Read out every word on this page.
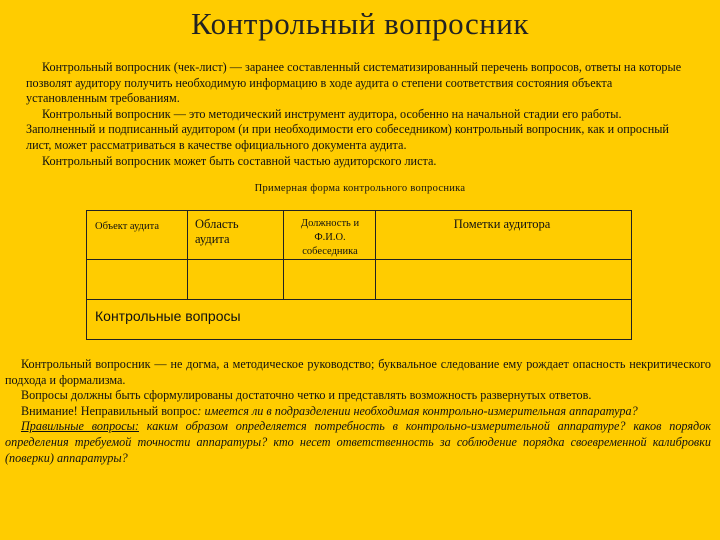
Контрольный вопросник

Контрольный вопросник (чек-лист) — заранее составленный систематизированный перечень вопросов, ответы на которые позволят аудитору получить необходимую информацию в ходе аудита о степени соответствия состояния объекта установленным требованиям.

Контрольный вопросник — это методический инструмент аудитора, особенно на начальной стадии его работы. Заполненный и подписанный аудитором (и при необходимости его собеседником) контрольный вопросник, как и опросный лист, может рассматриваться в качестве официального документа аудита.

Контрольный вопросник может быть составной частью аудиторского листа.

Примерная форма контрольного вопросника
Объект аудита	Область аудита
Должность и Ф.И.О. собеседника
Пометки аудитора
Контрольные вопросы

Контрольный вопросник — не догма, а методическое руководство; буквальное следование ему рождает опасность некритического подхода и формализма.

Вопросы должны быть сформулированы достаточно четко и представлять возможность развернутых ответов.

Внимание! Неправильный вопрос: имеется ли в подразделении необходимая контрольно-измерительная аппаратура?

Правильные вопросы: каким образом определяется потребность в контрольно-измерительной аппаратуре? каков порядок определения требуемой точности аппаратуры? кто несет ответственность за соблюдение порядка своевременной калибровки (поверки) аппаратуры?
